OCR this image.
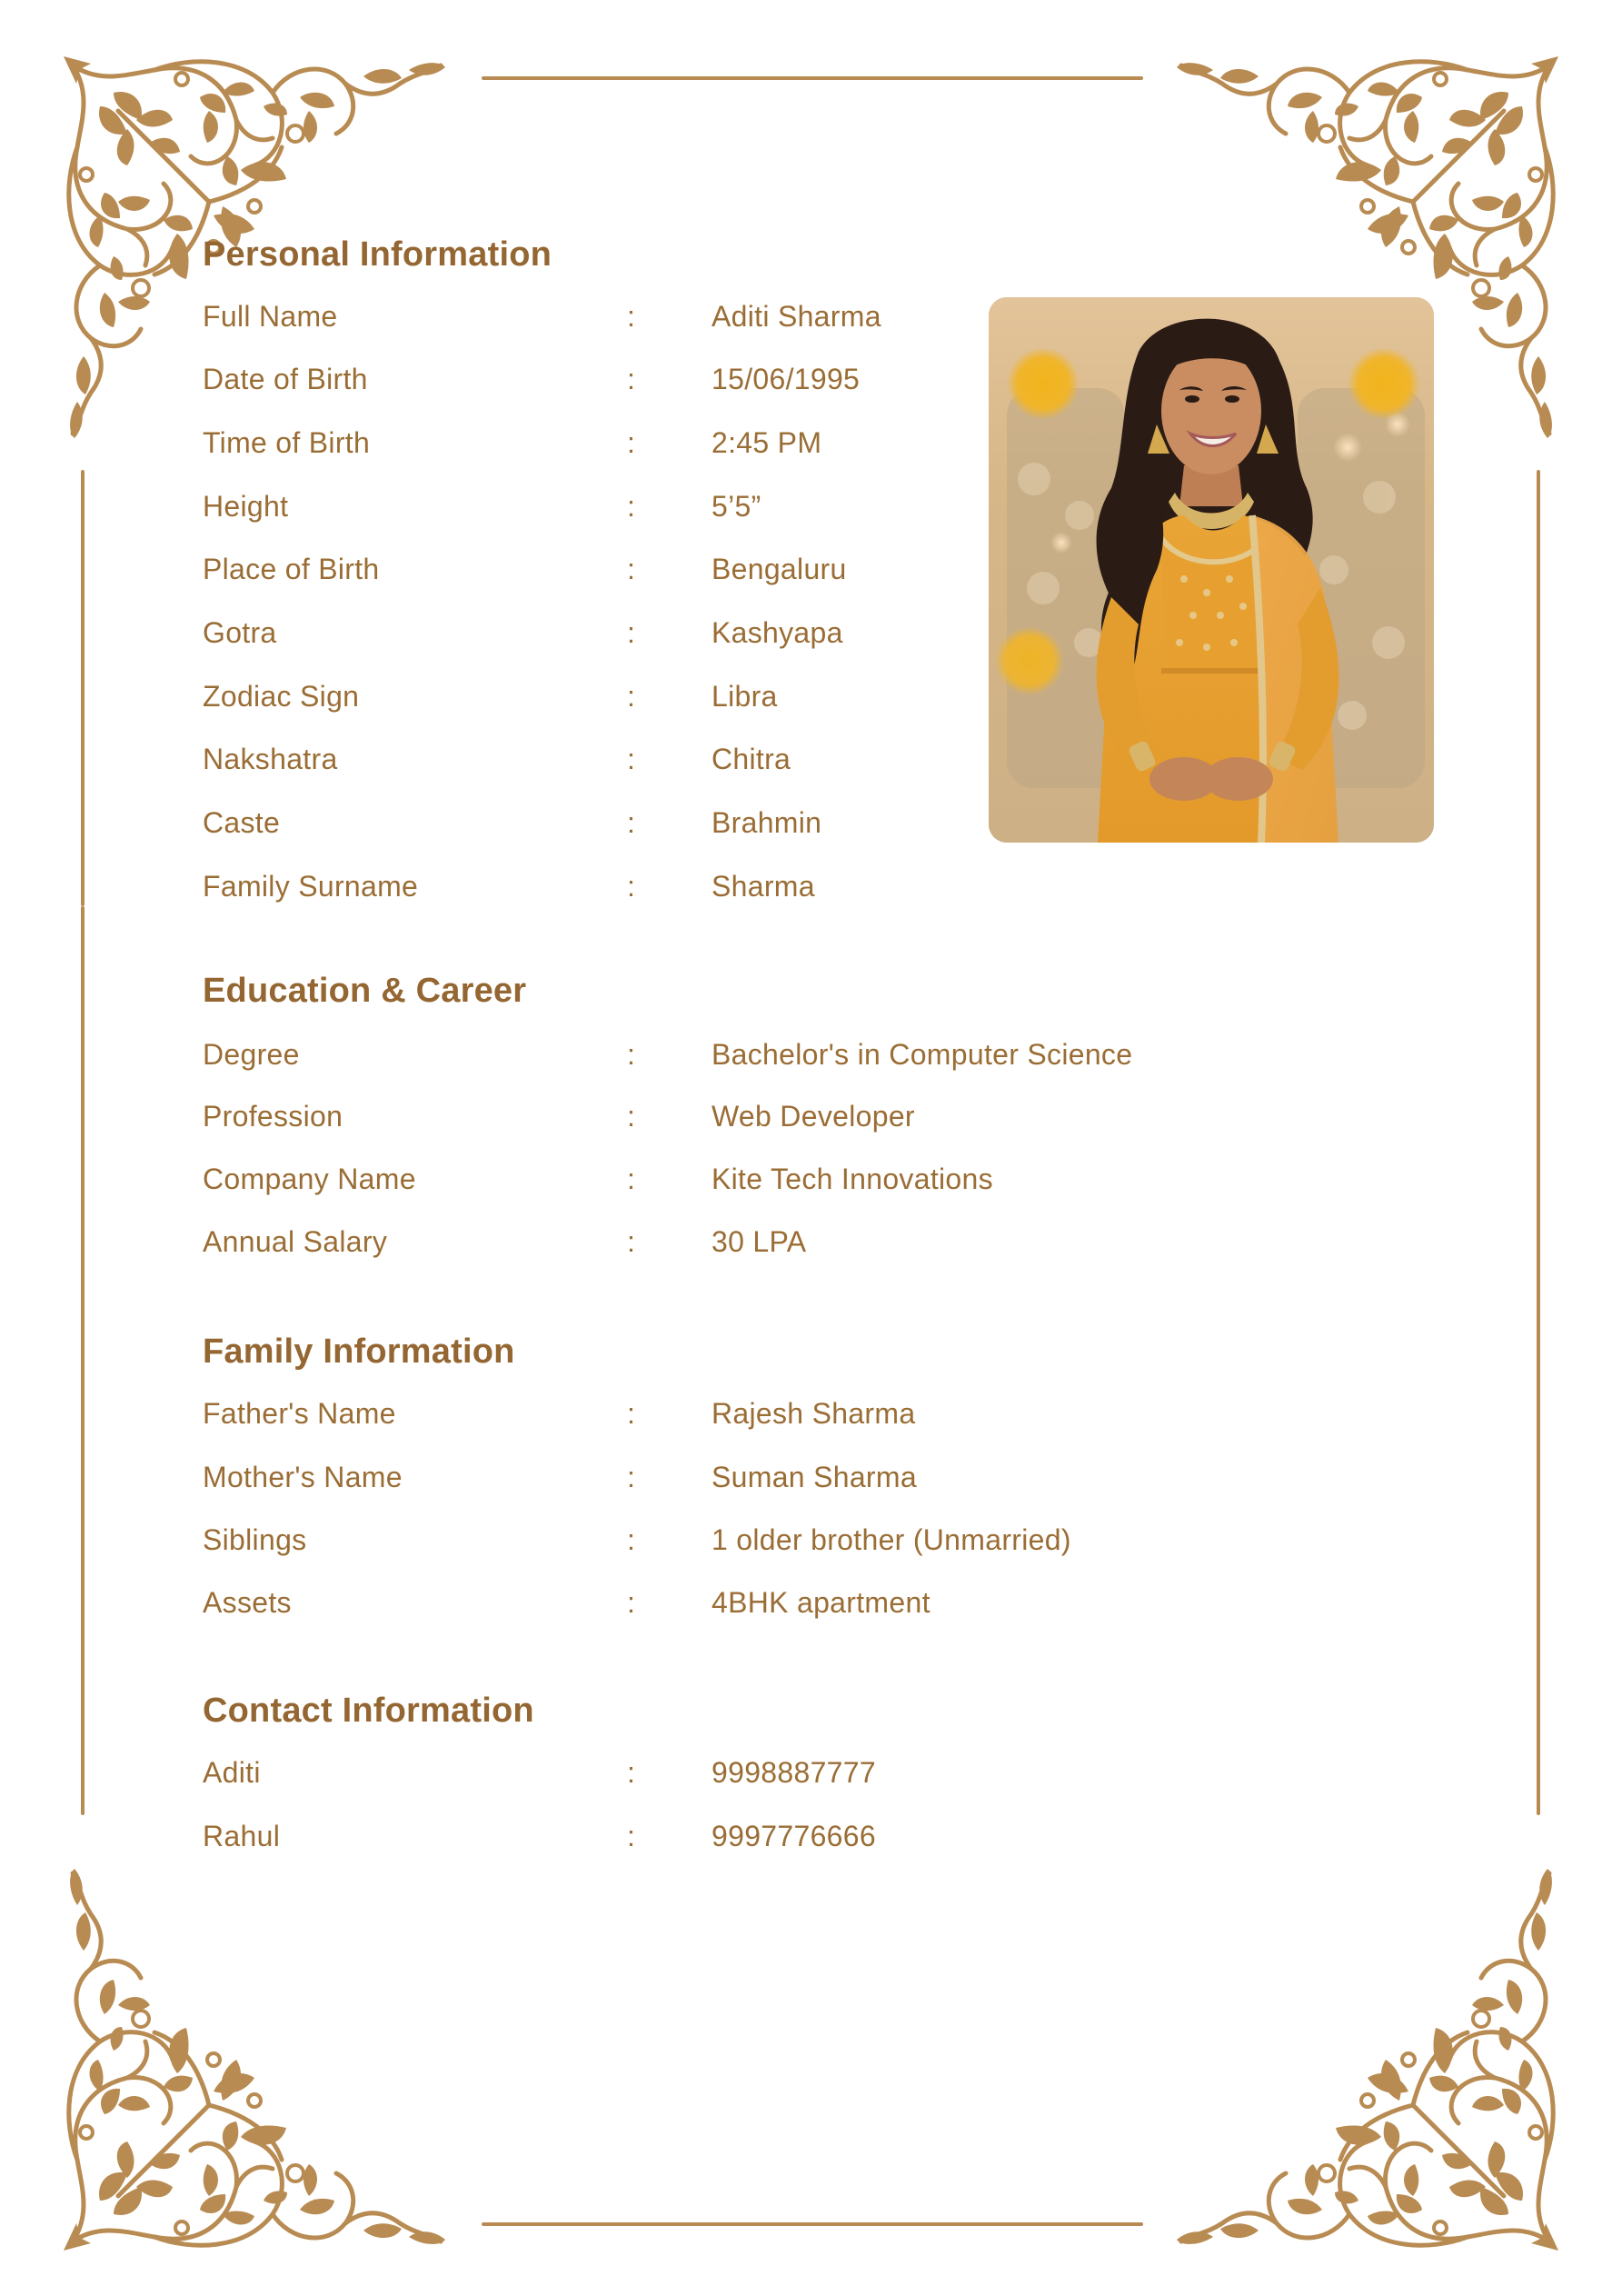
Personal Information
Full Name	:	Aditi Sharma
Date of Birth	:	15/06/1995
Time of Birth	:	2:45 PM
Height	:	5’5”
Place of Birth	:	Bengaluru
Gotra	:	Kashyapa
Zodiac Sign	:	Libra
Nakshatra	:	Chitra
Caste	:	Brahmin
Family Surname	:	Sharma
Education & Career
Degree	:	Bachelor's in Computer Science
Profession	:	Web Developer
Company Name	:	Kite Tech Innovations
Annual Salary	:	30 LPA
Family Information
Father's Name	:	Rajesh Sharma
Mother's Name	:	Suman Sharma
Siblings	:	1 older brother (Unmarried)
Assets	:	4BHK apartment
Contact Information
Aditi	:	9998887777
Rahul	:	9997776666
